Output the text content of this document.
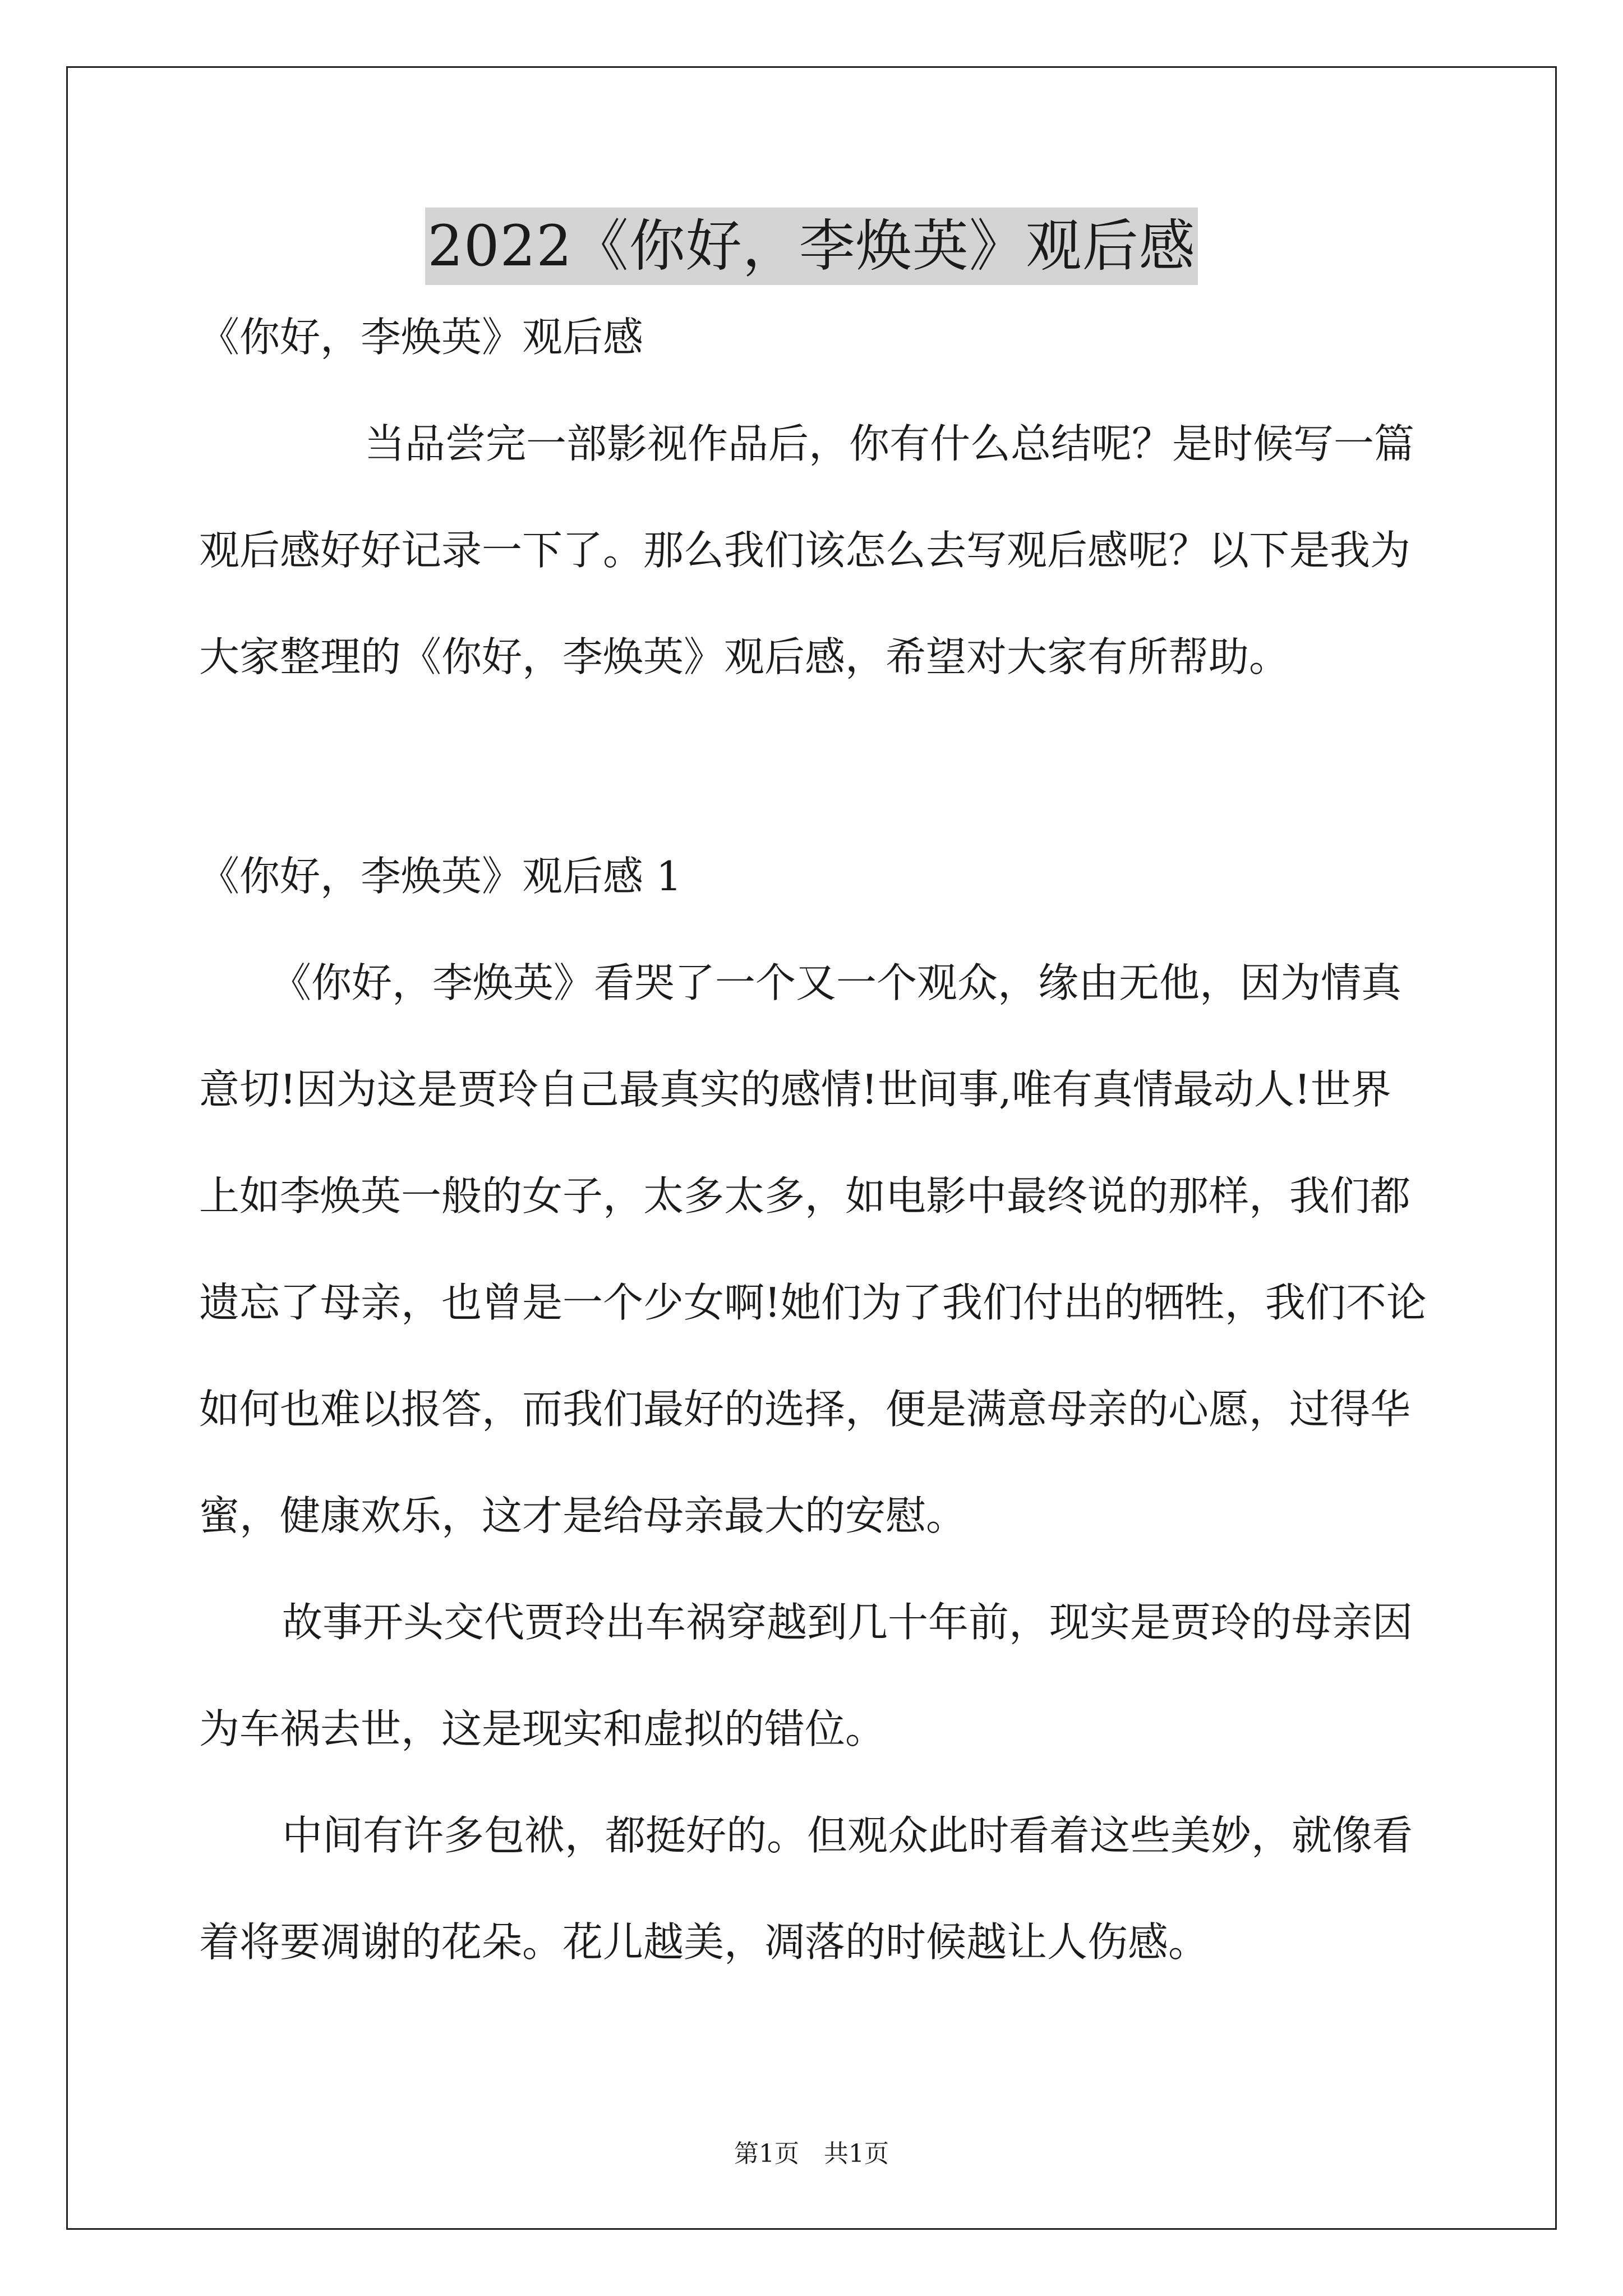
2022《你好，李焕英》观后感
《你好，李焕英》观后感
当品尝完一部影视作品后，你有什么总结呢？是时候写一篇
观后感好好记录一下了。那么我们该怎么去写观后感呢？以下是我为
大家整理的《你好，李焕英》观后感，希望对大家有所帮助。
《你好，李焕英》观后感 1
《你好，李焕英》看哭了一个又一个观众，缘由无他，因为情真
意切!因为这是贾玲自己最真实的感情!世间事,唯有真情最动人!世界
上如李焕英一般的女子，太多太多，如电影中最终说的那样，我们都
遗忘了母亲，也曾是一个少女啊!她们为了我们付出的牺牲，我们不论
如何也难以报答，而我们最好的选择，便是满意母亲的心愿，过得华
蜜，健康欢乐，这才是给母亲最大的安慰。
故事开头交代贾玲出车祸穿越到几十年前，现实是贾玲的母亲因
为车祸去世，这是现实和虚拟的错位。
中间有许多包袱，都挺好的。但观众此时看着这些美妙，就像看
着将要凋谢的花朵。花儿越美，凋落的时候越让人伤感。
第1页　共1页
